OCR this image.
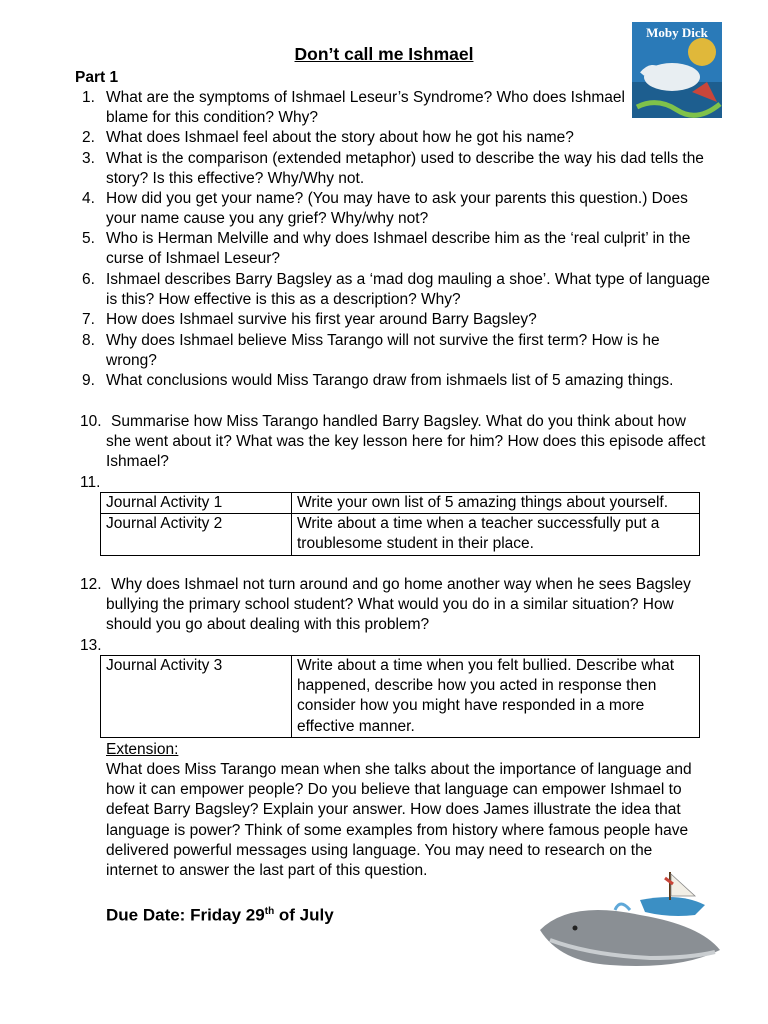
Don’t call me Ishmael
Moby Dick
Part 1
1. What are the symptoms of Ishmael Leseur’s Syndrome? Who does Ishmael blame for this condition? Why?
2. What does Ishmael feel about the story about how he got his name?
3. What is the comparison (extended metaphor) used to describe the way his dad tells the story? Is this effective? Why/Why not.
4. How did you get your name? (You may have to ask your parents this question.) Does your name cause you any grief? Why/why not?
5. Who is Herman Melville and why does Ishmael describe him as the ‘real culprit’ in the curse of Ishmael Leseur?
6. Ishmael describes Barry Bagsley as a ‘mad dog mauling a shoe’. What type of language is this? How effective is this as a description? Why?
7. How does Ishmael survive his first year around Barry Bagsley?
8. Why does Ishmael believe Miss Tarango will not survive the first term? How is he wrong?
9. What conclusions would Miss Tarango draw from ishmaels list of 5 amazing things.
10. Summarise how Miss Tarango handled Barry Bagsley. What do you think about how she went about it? What was the key lesson here for him? How does this episode affect Ishmael?
11.
Journal Activity 1	Write your own list of 5 amazing things about yourself.
Journal Activity 2	Write about a time when a teacher successfully put a troublesome student in their place.
12. Why does Ishmael not turn around and go home another way when he sees Bagsley bullying the primary school student? What would you do in a similar situation? How should you go about dealing with this problem?
13.
Journal Activity 3	Write about a time when you felt bullied. Describe what happened, describe how you acted in response then consider how you might have responded in a more effective manner.
Extension:
What does Miss Tarango mean when she talks about the importance of language and how it can empower people? Do you believe that language can empower Ishmael to defeat Barry Bagsley? Explain your answer. How does James illustrate the idea that language is power? Think of some examples from history where famous people have delivered powerful messages using language. You may need to research on the internet to answer the last part of this question.
Due Date: Friday 29th of July
